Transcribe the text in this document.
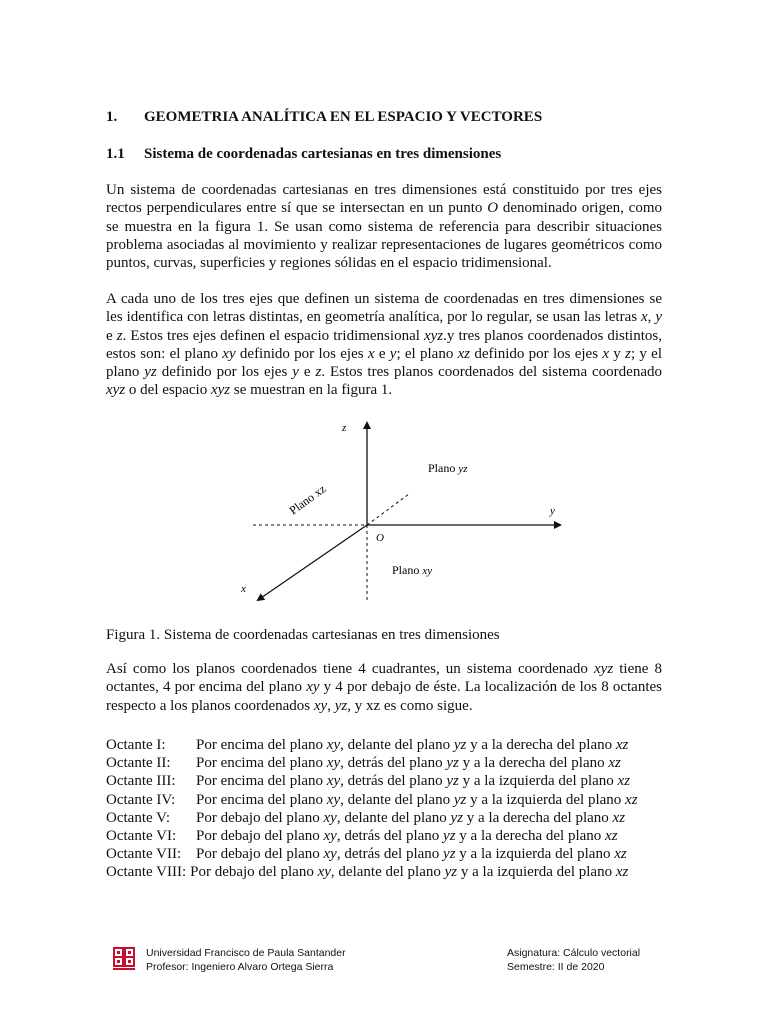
1. GEOMETRIA ANALÍTICA EN EL ESPACIO Y VECTORES
1.1 Sistema de coordenadas cartesianas en tres dimensiones

Un sistema de coordenadas cartesianas en tres dimensiones está constituido por tres ejes rectos perpendiculares entre sí que se intersectan en un punto O denominado origen, como se muestra en la figura 1. Se usan como sistema de referencia para describir situaciones problema asociadas al movimiento y realizar representaciones de lugares geométricos como puntos, curvas, superficies y regiones sólidas en el espacio tridimensional.

A cada uno de los tres ejes que definen un sistema de coordenadas en tres dimensiones se les identifica con letras distintas, en geometría analítica, por lo regular, se usan las letras x, y e z. Estos tres ejes definen el espacio tridimensional xyz.y tres planos coordenados distintos, estos son: el plano xy definido por los ejes x e y; el plano xz definido por los ejes x y z; y el plano yz definido por los ejes y e z. Estos tres planos coordenados del sistema coordenado xyz o del espacio xyz se muestran en la figura 1.

z
y
x
O
Plano yz
Plano xz
Plano xy
Figura 1. Sistema de coordenadas cartesianas en tres dimensiones

Así como los planos coordenados tiene 4 cuadrantes, un sistema coordenado xyz tiene 8 octantes, 4 por encima del plano xy y 4 por debajo de éste. La localización de los 8 octantes respecto a los planos coordenados xy, yz, y xz es como sigue.

Octante I: Por encima del plano xy, delante del plano yz y a la derecha del plano xz
Octante II: Por encima del plano xy, detrás del plano yz y a la derecha del plano xz
Octante III: Por encima del plano xy, detrás del plano yz y a la izquierda del plano xz
Octante IV: Por encima del plano xy, delante del plano yz y a la izquierda del plano xz
Octante V: Por debajo del plano xy, delante del plano yz y a la derecha del plano xz
Octante VI: Por debajo del plano xy, detrás del plano yz y a la derecha del plano xz
Octante VII: Por debajo del plano xy, detrás del plano yz y a la izquierda del plano xz
Octante VIII: Por debajo del plano xy, delante del plano yz y a la izquierda del plano xz
Universidad Francisco de Paula Santander
Profesor: Ingeniero Alvaro Ortega Sierra
Asignatura: Cálculo vectorial
Semestre: II de 2020
